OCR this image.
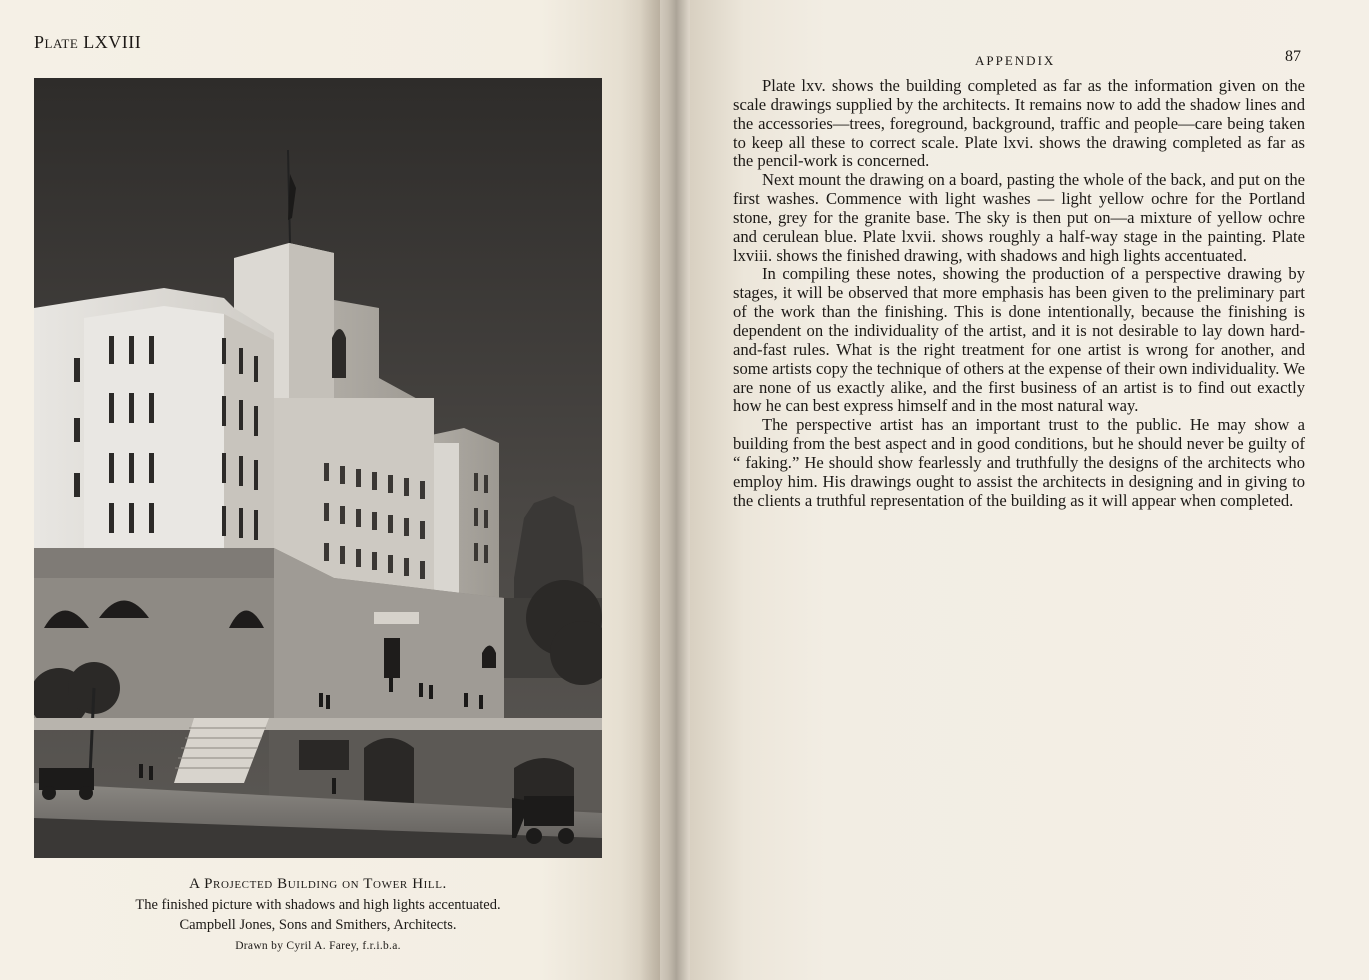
Plate LXVIII
A Projected Building on Tower Hill.
The finished picture with shadows and high lights accentuated.
Campbell Jones, Sons and Smithers, Architects.
Drawn by Cyril A. Farey, f.r.i.b.a.
APPENDIX	87

Plate lxv. shows the building completed as far as the information given on the scale drawings supplied by the architects. It remains now to add the shadow lines and the accessories—trees, foreground, background, traffic and people—care being taken to keep all these to correct scale. Plate lxvi. shows the drawing completed as far as the pencil-work is concerned.

Next mount the drawing on a board, pasting the whole of the back, and put on the first washes. Commence with light washes — light yellow ochre for the Portland stone, grey for the granite base. The sky is then put on—a mixture of yellow ochre and cerulean blue. Plate lxvii. shows roughly a half-way stage in the painting. Plate lxviii. shows the finished drawing, with shadows and high lights accentuated.

In compiling these notes, showing the production of a perspective drawing by stages, it will be observed that more emphasis has been given to the preliminary part of the work than the finishing. This is done intentionally, because the finishing is dependent on the individuality of the artist, and it is not desirable to lay down hard-and-fast rules. What is the right treatment for one artist is wrong for another, and some artists copy the technique of others at the expense of their own individuality. We are none of us exactly alike, and the first business of an artist is to find out exactly how he can best express himself and in the most natural way.

The perspective artist has an important trust to the public. He may show a building from the best aspect and in good conditions, but he should never be guilty of “ faking.” He should show fearlessly and truthfully the designs of the architects who employ him. His drawings ought to assist the architects in designing and in giving to the clients a truthful representation of the building as it will appear when completed.
